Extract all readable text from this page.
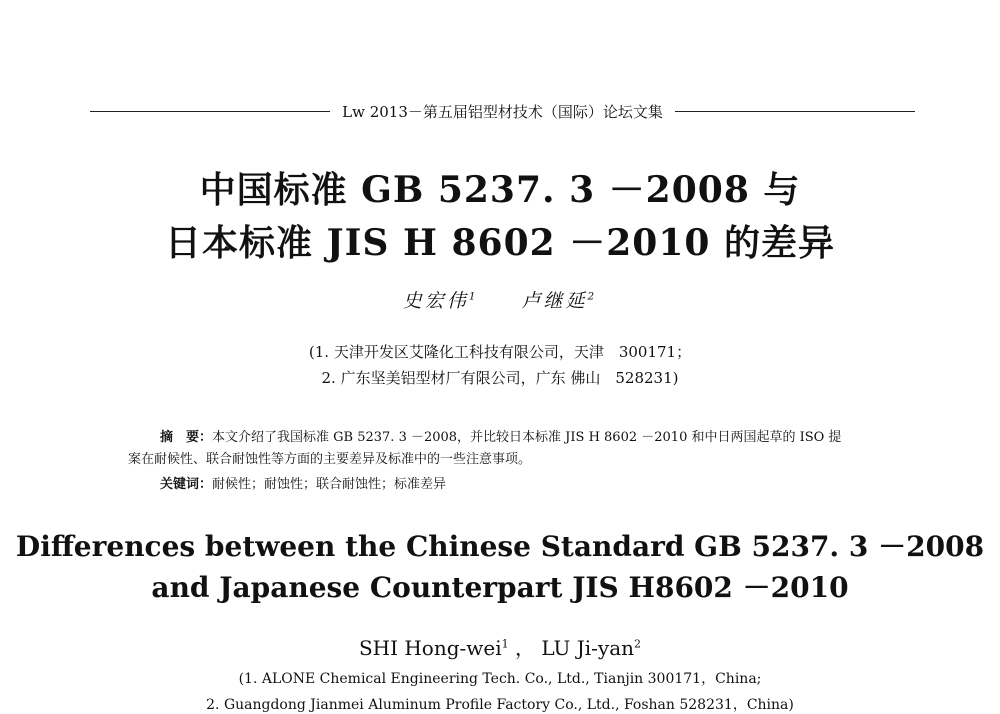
Lw 2013－第五届铝型材技术（国际）论坛文集
中国标准 GB 5237. 3 －2008 与
日本标准 JIS H 8602 －2010 的差异
史宏伟$^1$ 卢继延$^2$
(1. 天津开发区艾隆化工科技有限公司，天津　300171；
2. 广东坚美铝型材厂有限公司，广东 佛山　528231)
摘　要：本文介绍了我国标准 GB 5237. 3 －2008，并比较日本标准 JIS H 8602 －2010 和中日两国起草的 ISO 提
案在耐候性、联合耐蚀性等方面的主要差异及标准中的一些注意事项。
关键词：耐候性；耐蚀性；联合耐蚀性；标准差异
Differences between the Chinese Standard GB 5237. 3 －2008
and Japanese Counterpart JIS H8602 －2010
SHI Hong-wei$^1$ ， LU Ji-yan$^2$
(1. ALONE Chemical Engineering Tech. Co., Ltd., Tianjin 300171，China;
2. Guangdong Jianmei Aluminum Profile Factory Co., Ltd., Foshan 528231，China)
